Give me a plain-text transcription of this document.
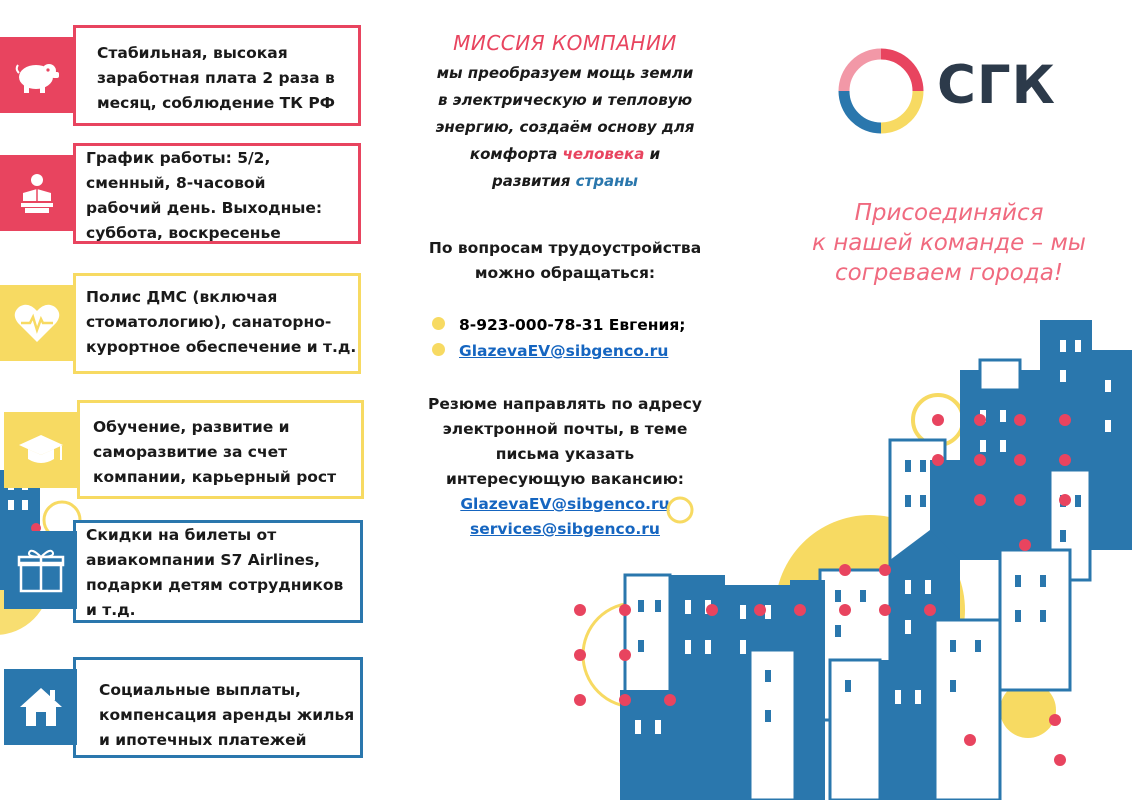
Стабильная, высокая
заработная плата 2 раза в
месяц, соблюдение ТК РФ
График работы: 5/2,
сменный, 8-часовой
рабочий день. Выходные:
суббота, воскресенье
Полис ДМС (включая
стоматологию), санаторно-
курортное обеспечение и т.д.
Обучение, развитие и
саморазвитие за счет
компании, карьерный рост
Скидки на билеты от
авиакомпании S7 Airlines,
подарки детям сотрудников
и т.д.
Социальные выплаты,
компенсация аренды жилья
и ипотечных платежей
МИССИЯ КОМПАНИИ
мы преобразуем мощь земли
в электрическую и тепловую
энергию, создаём основу для
комфорта человека и
развития страны
По вопросам трудоустройства
можно обращаться:
8-923-000-78-31 Евгения;
GlazevaEV@sibgenco.ru
Резюме направлять по адресу
электронной почты, в теме
письма указать
интересующую вакансию:
GlazevaEV@sibgenco.ru
services@sibgenco.ru
СГК
Присоединяйся
к нашей команде – мы
согреваем города!
